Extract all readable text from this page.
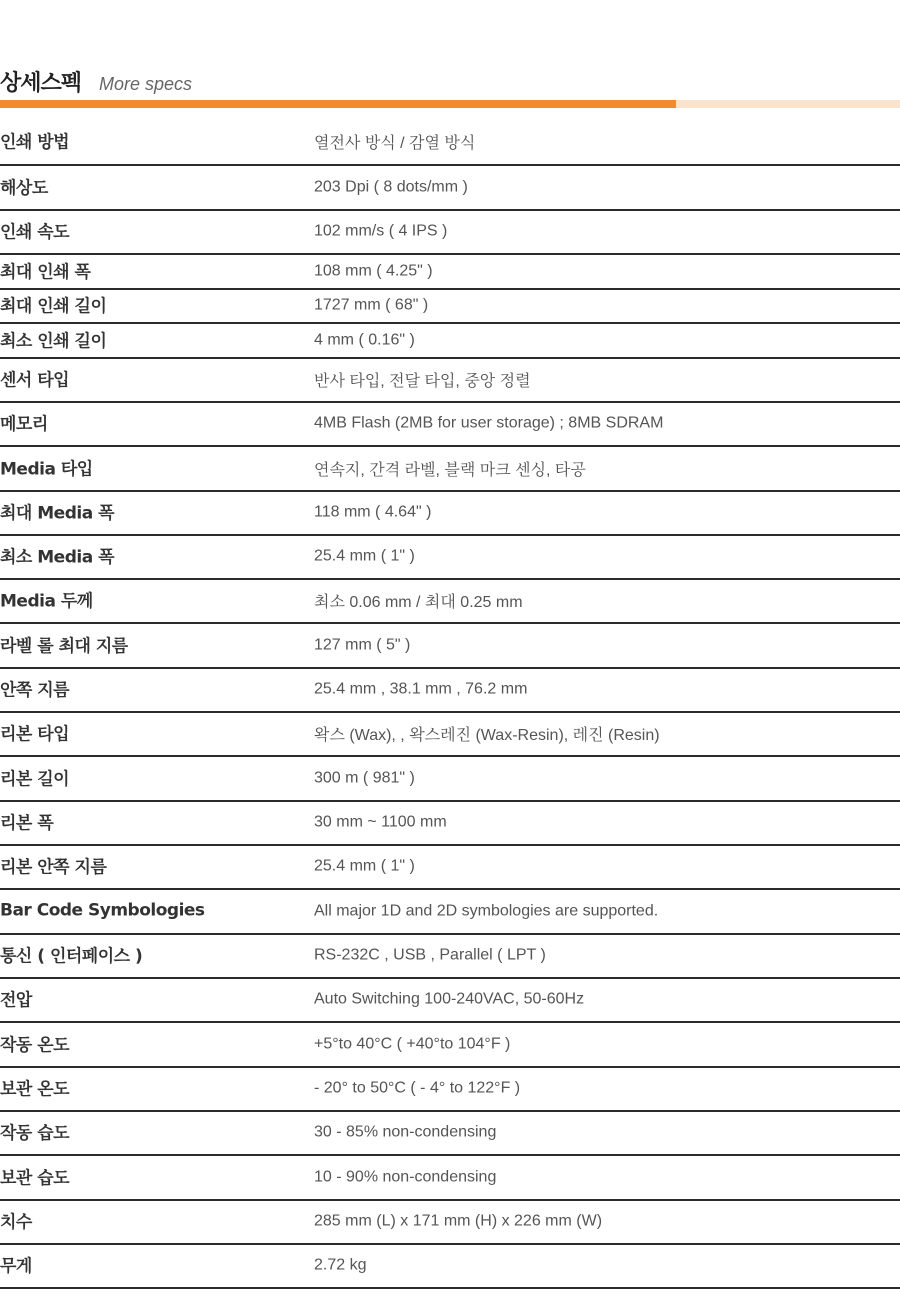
상세스펙 More specs
인쇄 방법	열전사 방식 / 감열 방식
해상도	203 Dpi ( 8 dots/mm )
인쇄 속도	102 mm/s ( 4 IPS )
최대 인쇄 폭	108 mm ( 4.25" )
최대 인쇄 길이	1727 mm ( 68" )
최소 인쇄 길이	4 mm ( 0.16" )
센서 타입	반사 타입, 전달 타입, 중앙 정렬
메모리	4MB Flash (2MB for user storage) ; 8MB SDRAM
Media 타입	연속지, 간격 라벨, 블랙 마크 센싱, 타공
최대 Media 폭	118 mm ( 4.64" )
최소 Media 폭	25.4 mm ( 1" )
Media 두께	최소 0.06 mm / 최대 0.25 mm
라벨 롤 최대 지름	127 mm ( 5" )
안쪽 지름	25.4 mm , 38.1 mm , 76.2 mm
리본 타입	왁스 (Wax), , 왁스레진 (Wax-Resin), 레진 (Resin)
리본 길이	300 m ( 981" )
리본 폭	30 mm ~ 1100 mm
리본 안쪽 지름	25.4 mm ( 1" )
Bar Code Symbologies	All major 1D and 2D symbologies are supported.
통신 ( 인터페이스 )	RS-232C , USB , Parallel ( LPT )
전압	Auto Switching 100-240VAC, 50-60Hz
작동 온도	+5°to 40°C ( +40°to 104°F )
보관 온도	- 20° to 50°C ( - 4° to 122°F )
작동 습도	30 - 85% non-condensing
보관 습도	10 - 90% non-condensing
치수	285 mm (L) x 171 mm (H) x 226 mm (W)
무게	2.72 kg
